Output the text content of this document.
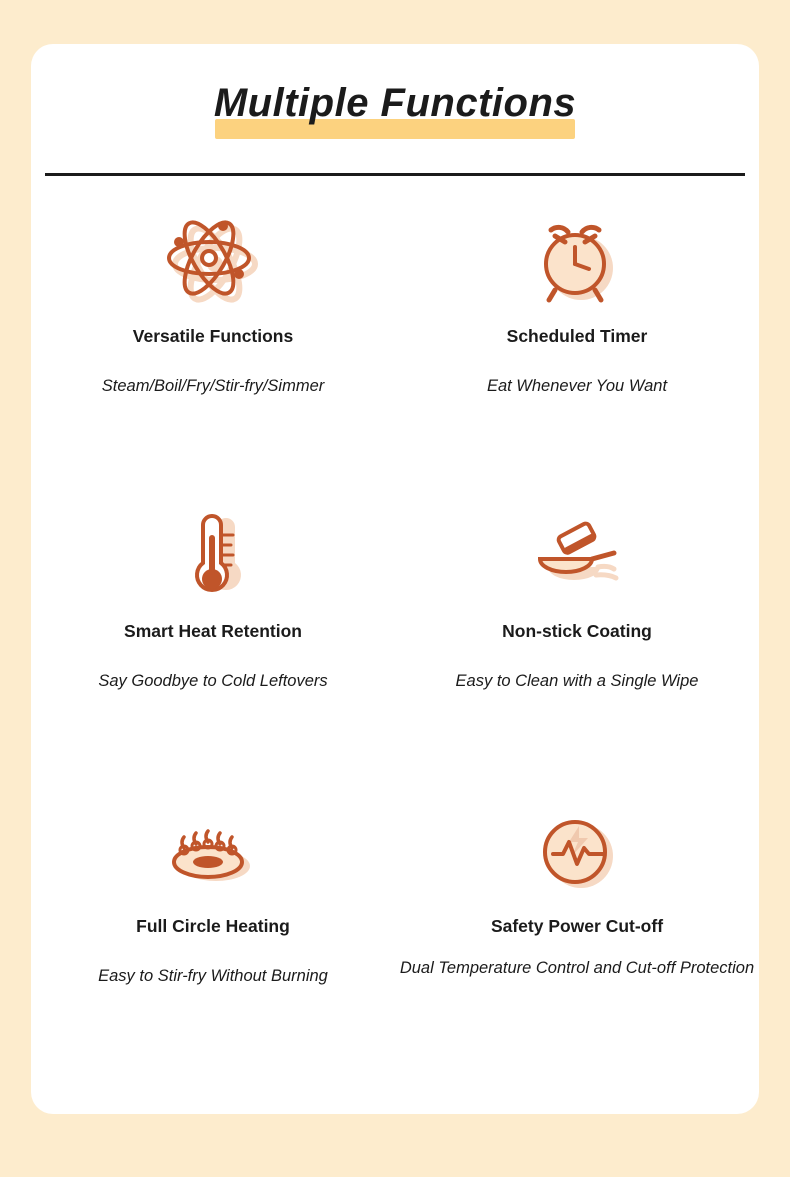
Multiple Functions
Versatile Functions
Steam/Boil/Fry/Stir-fry/Simmer
Scheduled Timer
Eat Whenever You Want
Smart Heat Retention
Say Goodbye to Cold Leftovers
Non-stick Coating
Easy to Clean with a Single Wipe
Full Circle Heating
Easy to Stir-fry Without Burning
Safety Power Cut-off
Dual Temperature Control and Cut-off Protection
